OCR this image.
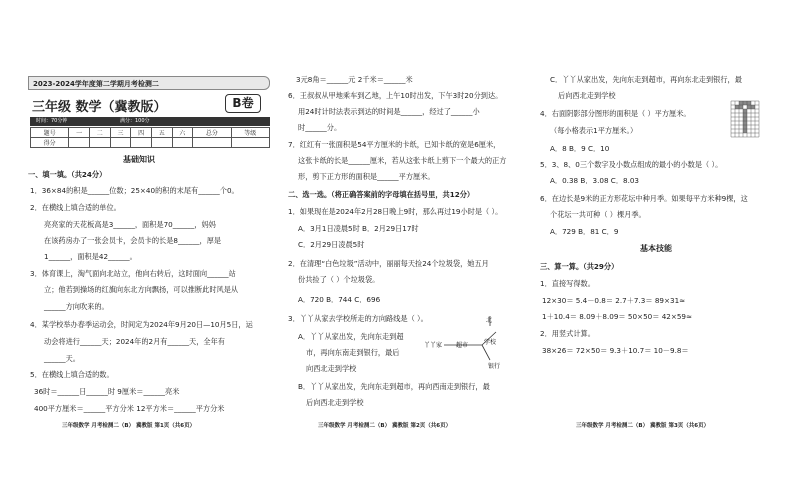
2023-2024学年度第二学期月考检测二
三年级 数学（冀教版）	B卷
时间：70分钟	满分：100分
题号	一	二	三	四	五	六	总分	等级
得分								
基础知识
一、填一填。（共24分）
1．36×84的积是______位数；25×40的积的末尾有______个0。
2．在横线上填合适的单位。
亮亮家的天花板高是3______，面积是70______，妈妈
在该药房办了一张会员卡，会员卡的长是8______，厚是
1______，面积是42______。
3．体育课上，淘气面向北站立，他向右转后，这时面向______站
立；他若到操场的红旗向东北方向飘扬，可以推断此时风是从
______方向吹来的。
4．某学校举办春季运动会，时间定为2024年9月20日—10月5日，运
动会将进行______天；2024年的2月有______天，全年有
______天。
5．在横线上填合适的数。
36时＝______日______时 9厘米＝______亮米
400平方厘米＝______平方分米 12平方米＝______平方分米
3元8角＝______元 2千米＝______米
6．王叔叔从甲地乘车到乙地，上午10时出发，下午3时20分到达。
用24时计时法表示到达的时间是______，经过了______小
时______分。
7．红红有一张面积是54平方厘米的卡纸，已知卡纸的宽是6厘米，
这张卡纸的长是______厘米，若从这张卡纸上剪下一个最大的正方
形，剪下正方形的面积是______平方厘米。
二、选一选。（将正确答案前的字母填在括号里，共12分）
1．如果现在是2024年2月28日晚上9时，那么再过19小时是（ ）。
A．3月1日凌晨5时 B．2月29日17时
C．2月29日凌晨5时
2．在清理“白色垃圾”活动中，丽丽每天捡24个垃圾袋，她五月
份共捡了（ ）个垃圾袋。
A．720 B．744 C．696
3．丫丫从家去学校所走的方向路线是（ ）。
A．丫丫从家出发，先向东走到超
市，再向东南走到银行，最后
向西北走到学校
B．丫丫从家出发，先向东走到超市，再向西南走到银行，最
后向西北走到学校
丫丫家 超市	学校
银行
北
C．丫丫从家出发，先向东走到超市，再向东北走到银行，最
后向西北走到学校
4．右面阴影部分图形的面积是（ ）平方厘米。
（每小格表示1平方厘米。）
A．8 B．9 C．10
5．3、8、0三个数字及小数点组成的最小的小数是（ ）。
A．0.38 B．3.08 C．8.03
6．在边长是9米的正方形花坛中种月季。如果每平方米种9棵，这
个花坛一共可种（ ）棵月季。
A．729 B．81 C．9
基本技能
三、算一算。（共29分）
1．直接写得数。
12×30＝ 5.4－0.8＝ 2.7＋7.3＝ 89×31≈
1＋10.4＝ 8.09＋8.09＝ 50×50＝ 42×59≈
2．用竖式计算。
38×26＝ 72×50＝ 9.3＋10.7＝ 10－9.8＝
三年级数学 月考检测二（B） 冀教版 第1页（共6页）	三年级数学 月考检测二（B） 冀教版 第2页（共6页）	三年级数学 月考检测二（B） 冀教版 第3页（共6页）
